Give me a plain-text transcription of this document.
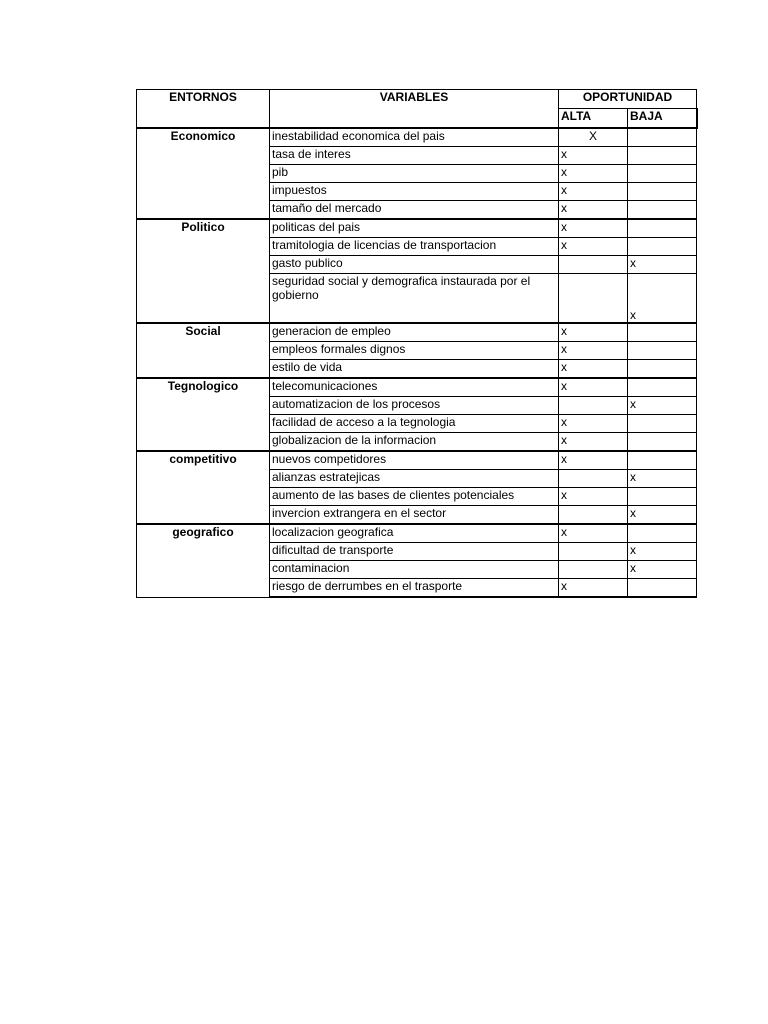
ENTORNOS	VARIABLES	OPORTUNIDAD	
		ALTA	BAJA
Economico	inestabilidad economica del pais	X	
	tasa de interes	x	
	pib	x	
	impuestos	x	
	tamaño del mercado	x	
Politico	politicas del pais	x	
	tramitologia de licencias de transportacion	x	
	gasto publico		x
	seguridad social y demografica instaurada por el gobierno		x
Social	generacion de empleo	x	
	empleos formales dignos	x	
	estilo de vida	x	
Tegnologico	telecomunicaciones	x	
	automatizacion de los procesos		x
	facilidad de acceso a la tegnologia	x	
	globalizacion de la informacion	x	
competitivo	nuevos competidores	x	
	alianzas estratejicas		x
	aumento de las bases de clientes potenciales	x	
	invercion extrangera en el sector		x
geografico	localizacion geografica	x	
	dificultad de transporte		x
	contaminacion		x
	riesgo de derrumbes en el trasporte	x	
